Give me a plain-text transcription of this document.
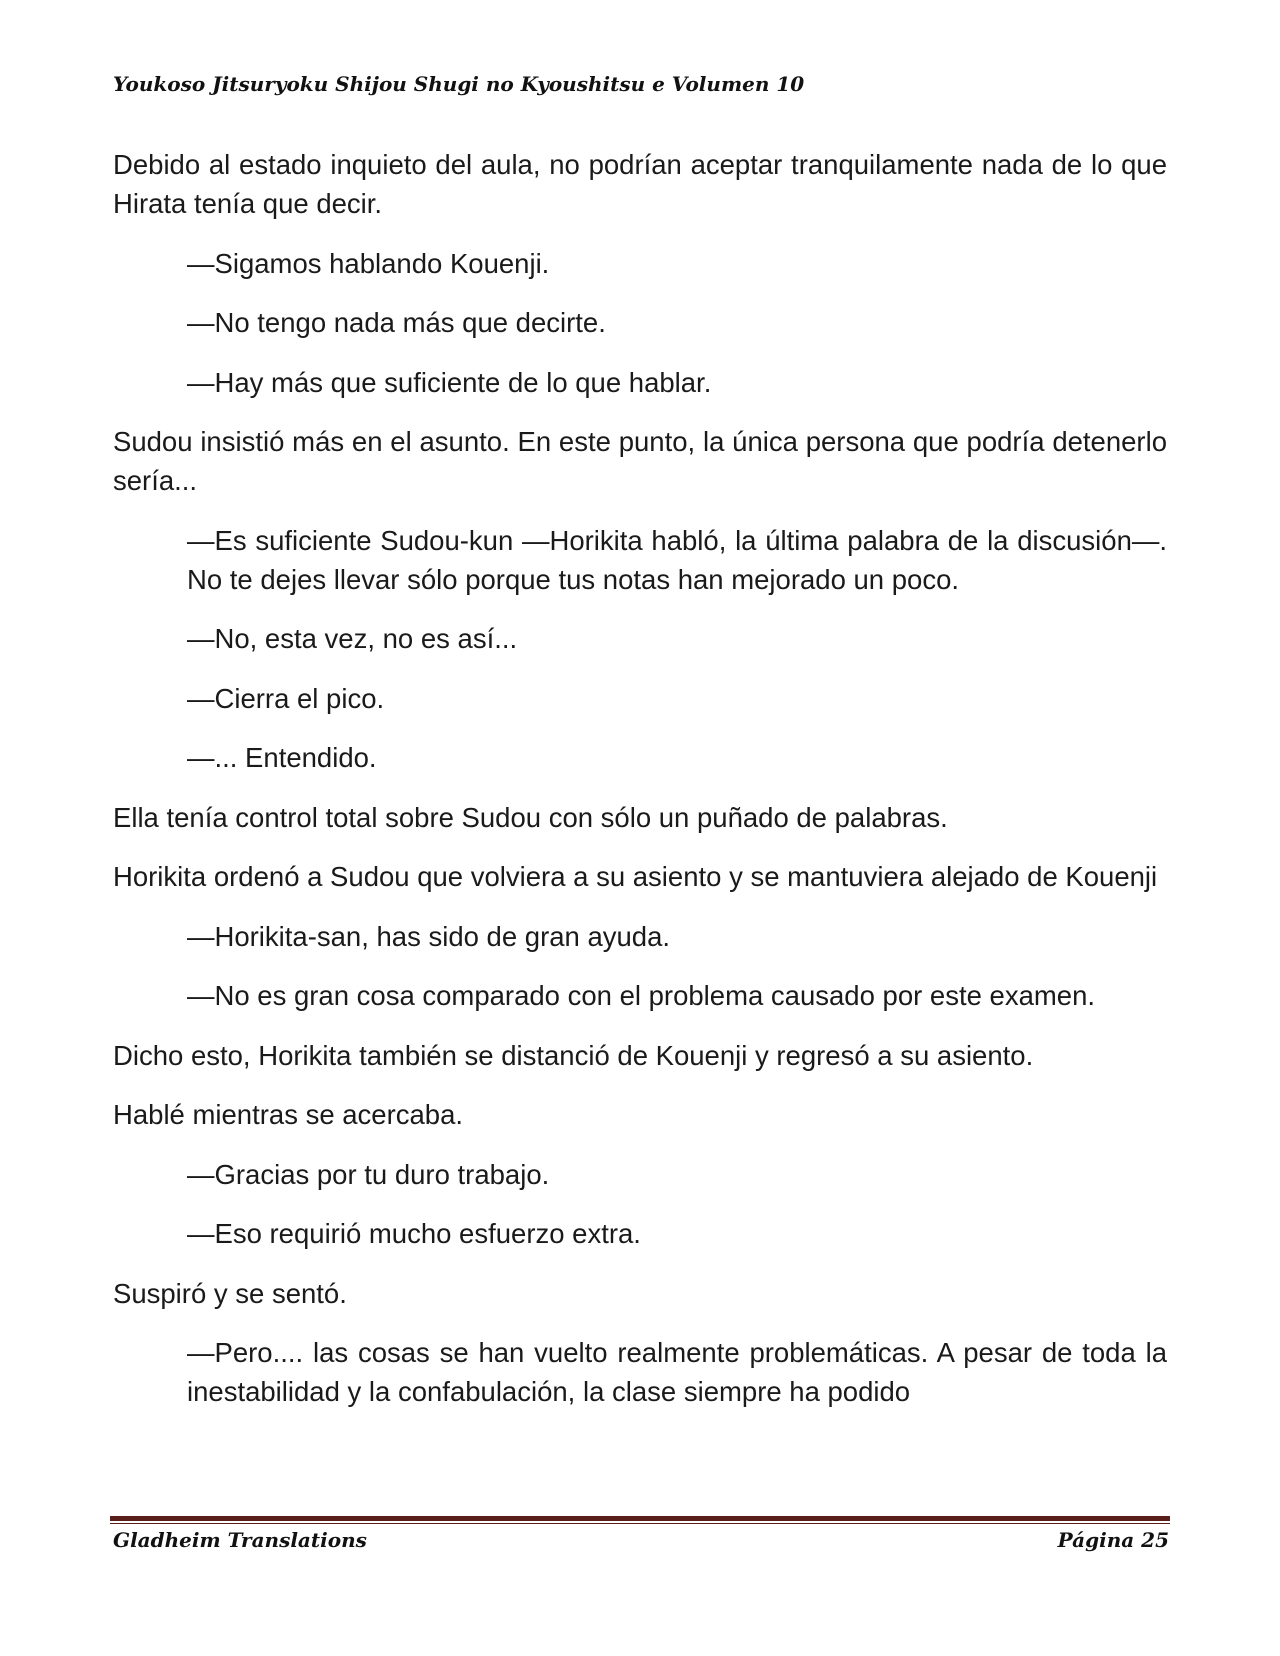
Youkoso Jitsuryoku Shijou Shugi no Kyoushitsu e Volumen 10

Debido al estado inquieto del aula, no podrían aceptar tranquilamente nada de lo que Hirata tenía que decir.

—Sigamos hablando Kouenji.

—No tengo nada más que decirte.

—Hay más que suficiente de lo que hablar.

Sudou insistió más en el asunto. En este punto, la única persona que podría detenerlo sería...

—Es suficiente Sudou-kun —Horikita habló, la última palabra de la discusión—. No te dejes llevar sólo porque tus notas han mejorado un poco.

—No, esta vez, no es así...

—Cierra el pico.

—... Entendido.

Ella tenía control total sobre Sudou con sólo un puñado de palabras.

Horikita ordenó a Sudou que volviera a su asiento y se mantuviera alejado de Kouenji

—Horikita-san, has sido de gran ayuda.

—No es gran cosa comparado con el problema causado por este examen.

Dicho esto, Horikita también se distanció de Kouenji y regresó a su asiento.

Hablé mientras se acercaba.

—Gracias por tu duro trabajo.

—Eso requirió mucho esfuerzo extra.

Suspiró y se sentó.

—Pero.... las cosas se han vuelto realmente problemáticas. A pesar de toda la inestabilidad y la confabulación, la clase siempre ha podido

Gladheim Translations	Página 25
